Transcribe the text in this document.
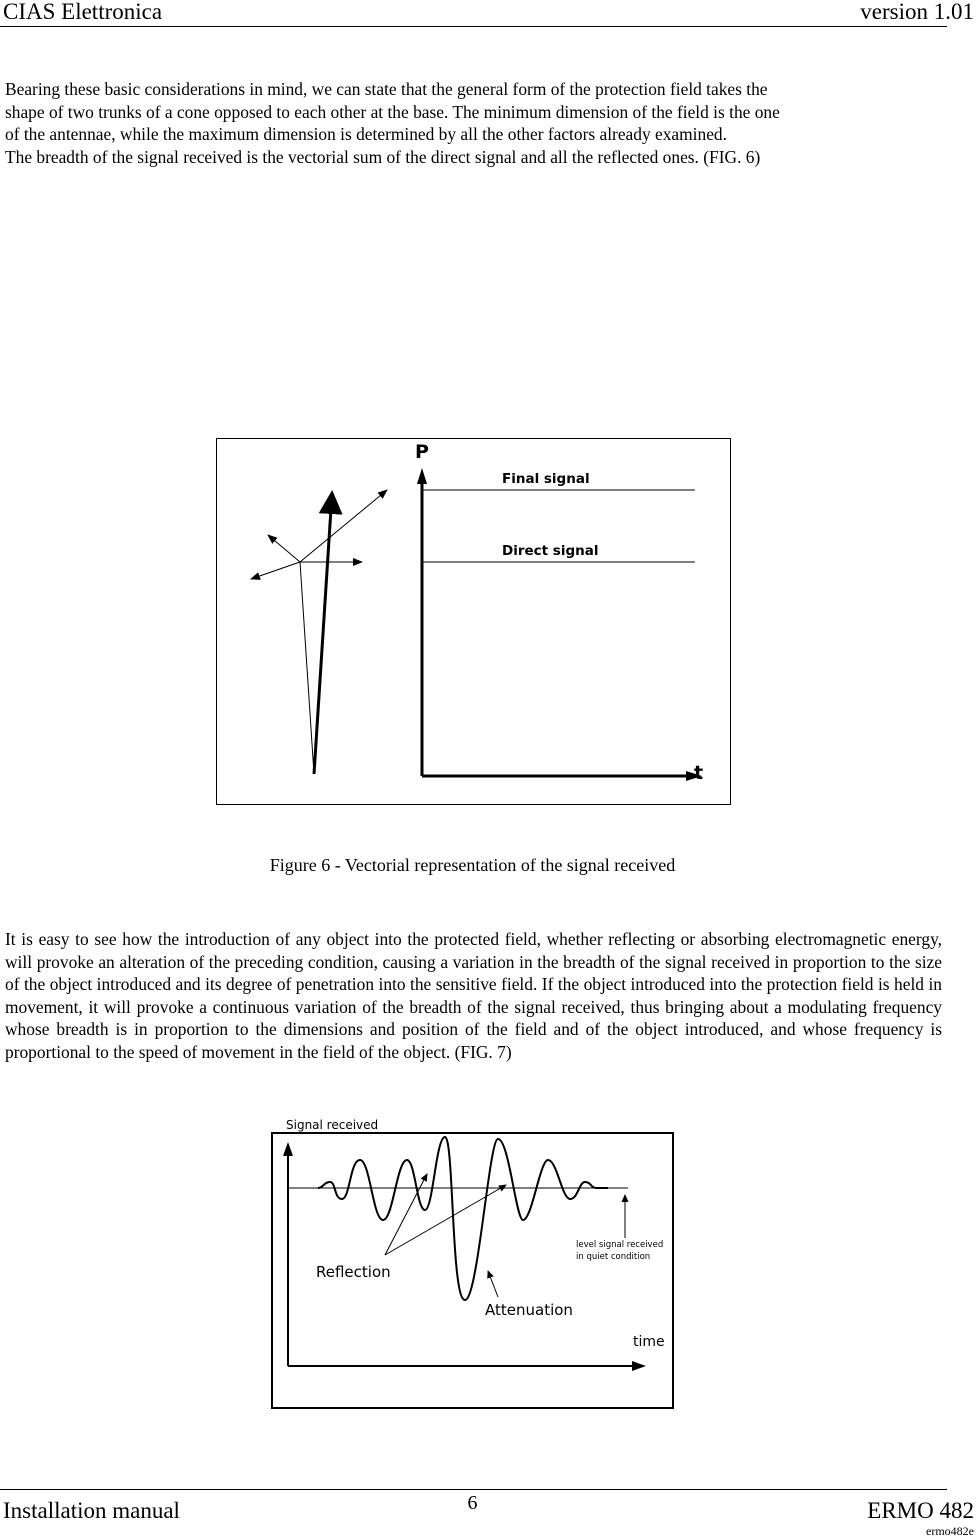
CIAS Elettronica	version 1.01
Bearing these basic considerations in mind, we can state that the general form of the protection field takes the
shape of two trunks of a cone opposed to each other at the base. The minimum dimension of the field is the one
of the antennae, while the maximum dimension is determined by all the other factors already examined.
The breadth of the signal received is the vectorial sum of the direct signal and all the reflected ones. (FIG. 6)
P
t
Final signal
Direct signal
Figure 6 - Vectorial representation of the signal received

It is easy to see how the introduction of any object into the protected field, whether reflecting or absorbing electromagnetic energy, will provoke an alteration of the preceding condition, causing a variation in the breadth of the signal received in proportion to the size of the object introduced and its degree of penetration into the sensitive field. If the object introduced into the protection field is held in movement, it will provoke a continuous variation of the breadth of the signal received, thus bringing about a modulating frequency whose breadth is in proportion to the dimensions and position of the field and of the object introduced, and whose frequency is proportional to the speed of movement in the field of the object. (FIG. 7)

Signal received
time
Reflection
Attenuation
level signal received
in quiet condition
Installation manual	6	ERMO 482
ermo482e
